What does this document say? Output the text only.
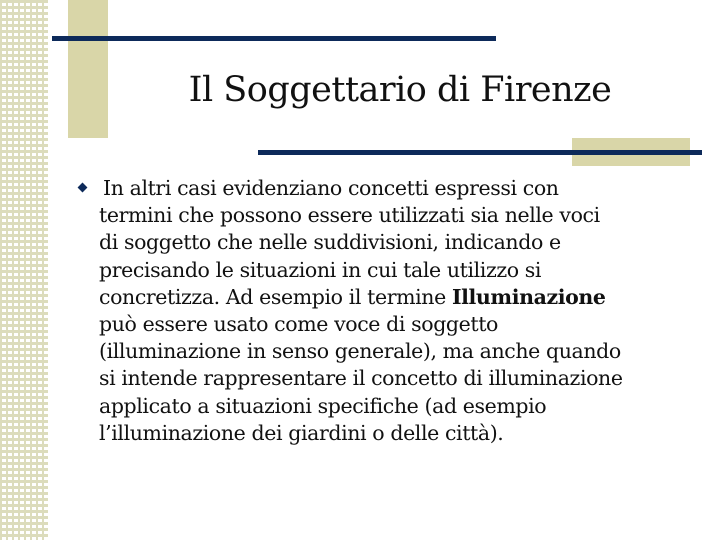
Il Soggettario di Firenze

In altri casi evidenziano concetti espressi con
termini che possono essere utilizzati sia nelle voci
di soggetto che nelle suddivisioni, indicando e
precisando le situazioni in cui tale utilizzo si
concretizza. Ad esempio il termine Illuminazione
può essere usato come voce di soggetto
(illuminazione in senso generale), ma anche quando
si intende rappresentare il concetto di illuminazione
applicato a situazioni specifiche (ad esempio
l’illuminazione dei giardini o delle città).
